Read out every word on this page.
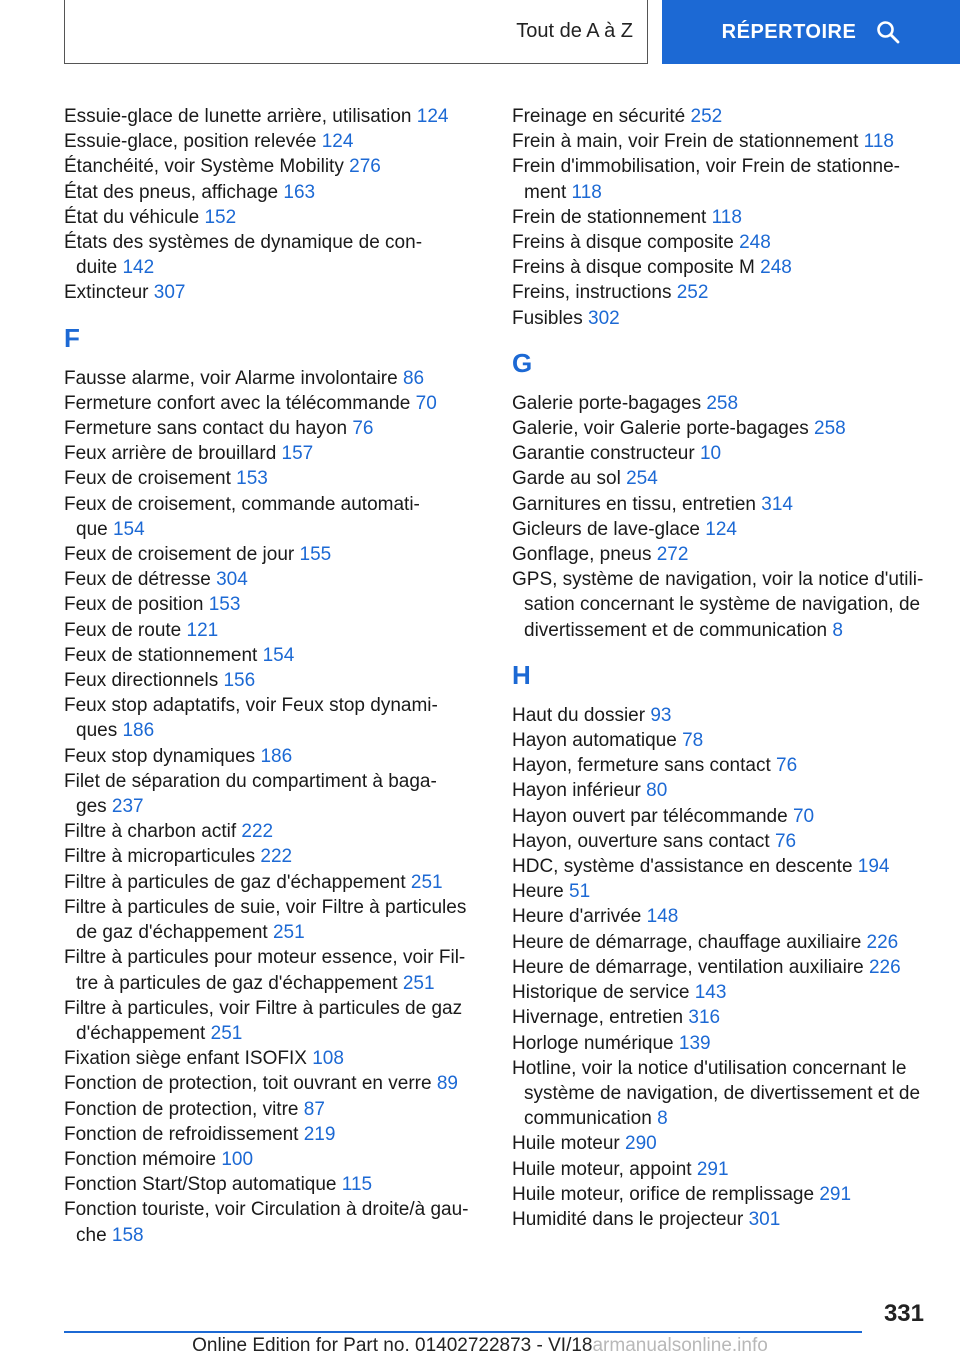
Tout de A à Z	RÉPERTOIRE
Essuie-glace de lunette arrière, utilisation 124
Essuie-glace, position relevée 124
Étanchéité, voir Système Mobility 276
État des pneus, affichage 163
État du véhicule 152
États des systèmes de dynamique de con-
duite 142
Extincteur 307
F
Fausse alarme, voir Alarme involontaire 86
Fermeture confort avec la télécommande 70
Fermeture sans contact du hayon 76
Feux arrière de brouillard 157
Feux de croisement 153
Feux de croisement, commande automati-
que 154
Feux de croisement de jour 155
Feux de détresse 304
Feux de position 153
Feux de route 121
Feux de stationnement 154
Feux directionnels 156
Feux stop adaptatifs, voir Feux stop dynami-
ques 186
Feux stop dynamiques 186
Filet de séparation du compartiment à baga-
ges 237
Filtre à charbon actif 222
Filtre à microparticules 222
Filtre à particules de gaz d'échappement 251
Filtre à particules de suie, voir Filtre à particules
de gaz d'échappement 251
Filtre à particules pour moteur essence, voir Fil-
tre à particules de gaz d'échappement 251
Filtre à particules, voir Filtre à particules de gaz
d'échappement 251
Fixation siège enfant ISOFIX 108
Fonction de protection, toit ouvrant en verre 89
Fonction de protection, vitre 87
Fonction de refroidissement 219
Fonction mémoire 100
Fonction Start/Stop automatique 115
Fonction touriste, voir Circulation à droite/à gau-
che 158
Freinage en sécurité 252
Frein à main, voir Frein de stationnement 118
Frein d'immobilisation, voir Frein de stationne-
ment 118
Frein de stationnement 118
Freins à disque composite 248
Freins à disque composite M 248
Freins, instructions 252
Fusibles 302
G
Galerie porte-bagages 258
Galerie, voir Galerie porte-bagages 258
Garantie constructeur 10
Garde au sol 254
Garnitures en tissu, entretien 314
Gicleurs de lave-glace 124
Gonflage, pneus 272
GPS, système de navigation, voir la notice d'utili-
sation concernant le système de navigation, de
divertissement et de communication 8
H
Haut du dossier 93
Hayon automatique 78
Hayon, fermeture sans contact 76
Hayon inférieur 80
Hayon ouvert par télécommande 70
Hayon, ouverture sans contact 76
HDC, système d'assistance en descente 194
Heure 51
Heure d'arrivée 148
Heure de démarrage, chauffage auxiliaire 226
Heure de démarrage, ventilation auxiliaire 226
Historique de service 143
Hivernage, entretien 316
Horloge numérique 139
Hotline, voir la notice d'utilisation concernant le
système de navigation, de divertissement et de
communication 8
Huile moteur 290
Huile moteur, appoint 291
Huile moteur, orifice de remplissage 291
Humidité dans le projecteur 301
331
Online Edition for Part no. 01402722873 - VI/18armanualsonline.info
